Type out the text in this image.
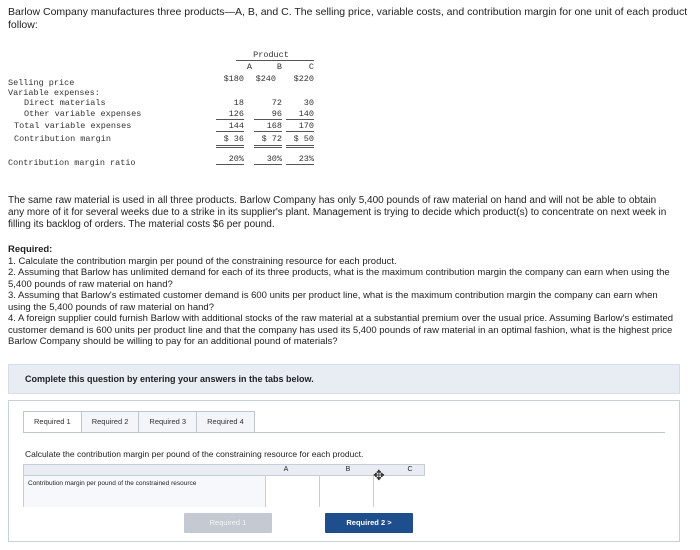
Barlow Company manufactures three products—A, B, and C. The selling price, variable costs, and contribution margin for one unit of each product follow:
Product
A	B	C
Selling price	$180	$240	$220
Variable expenses:
Direct materials	18	72	30
Other variable expenses	126	96	140
Total variable expenses	144	168	170
Contribution margin	$ 36	$ 72	$ 50
Contribution margin ratio	20%	30%	23%
The same raw material is used in all three products. Barlow Company has only 5,400 pounds of raw material on hand and will not be able to obtain any more of it for several weeks due to a strike in its supplier's plant. Management is trying to decide which product(s) to concentrate on next week in filling its backlog of orders. The material costs $6 per pound.
Required:
1. Calculate the contribution margin per pound of the constraining resource for each product.
2. Assuming that Barlow has unlimited demand for each of its three products, what is the maximum contribution margin the company can earn when using the 5,400 pounds of raw material on hand?
3. Assuming that Barlow's estimated customer demand is 600 units per product line, what is the maximum contribution margin the company can earn when using the 5,400 pounds of raw material on hand?
4. A foreign supplier could furnish Barlow with additional stocks of the raw material at a substantial premium over the usual price. Assuming Barlow's estimated customer demand is 600 units per product line and that the company has used its 5,400 pounds of raw material in an optimal fashion, what is the highest price Barlow Company should be willing to pay for an additional pound of materials?
Complete this question by entering your answers in the tabs below.
Required 1	Required 2	Required 3	Required 4
Calculate the contribution margin per pound of the constraining resource for each product.
A	B	C
Contribution margin per pound of the constrained resource
Required 1	Required 2 >
✥
